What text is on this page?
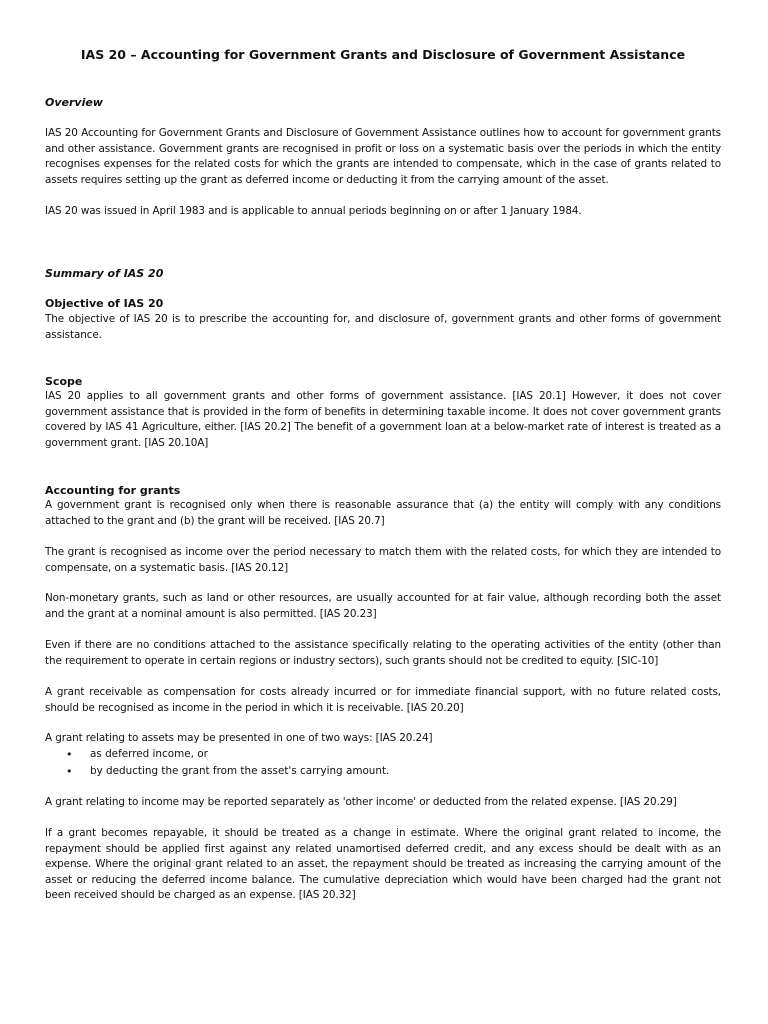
IAS 20 – Accounting for Government Grants and Disclosure of Government Assistance
Overview
IAS 20 Accounting for Government Grants and Disclosure of Government Assistance outlines how to account for government grants and other assistance. Government grants are recognised in profit or loss on a systematic basis over the periods in which the entity recognises expenses for the related costs for which the grants are intended to compensate, which in the case of grants related to assets requires setting up the grant as deferred income or deducting it from the carrying amount of the asset.
IAS 20 was issued in April 1983 and is applicable to annual periods beginning on or after 1 January 1984.
Summary of IAS 20
Objective of IAS 20
The objective of IAS 20 is to prescribe the accounting for, and disclosure of, government grants and other forms of government assistance.
Scope
IAS 20 applies to all government grants and other forms of government assistance. [IAS 20.1] However, it does not cover government assistance that is provided in the form of benefits in determining taxable income. It does not cover government grants covered by IAS 41 Agriculture, either. [IAS 20.2] The benefit of a government loan at a below-market rate of interest is treated as a government grant. [IAS 20.10A]
Accounting for grants
A government grant is recognised only when there is reasonable assurance that (a) the entity will comply with any conditions attached to the grant and (b) the grant will be received. [IAS 20.7]
The grant is recognised as income over the period necessary to match them with the related costs, for which they are intended to compensate, on a systematic basis. [IAS 20.12]
Non-monetary grants, such as land or other resources, are usually accounted for at fair value, although recording both the asset and the grant at a nominal amount is also permitted. [IAS 20.23]
Even if there are no conditions attached to the assistance specifically relating to the operating activities of the entity (other than the requirement to operate in certain regions or industry sectors), such grants should not be credited to equity. [SIC-10]
A grant receivable as compensation for costs already incurred or for immediate financial support, with no future related costs, should be recognised as income in the period in which it is receivable. [IAS 20.20]
A grant relating to assets may be presented in one of two ways: [IAS 20.24]
• as deferred income, or
• by deducting the grant from the asset's carrying amount.
A grant relating to income may be reported separately as 'other income' or deducted from the related expense. [IAS 20.29]
If a grant becomes repayable, it should be treated as a change in estimate. Where the original grant related to income, the repayment should be applied first against any related unamortised deferred credit, and any excess should be dealt with as an expense. Where the original grant related to an asset, the repayment should be treated as increasing the carrying amount of the asset or reducing the deferred income balance. The cumulative depreciation which would have been charged had the grant not been received should be charged as an expense. [IAS 20.32]
